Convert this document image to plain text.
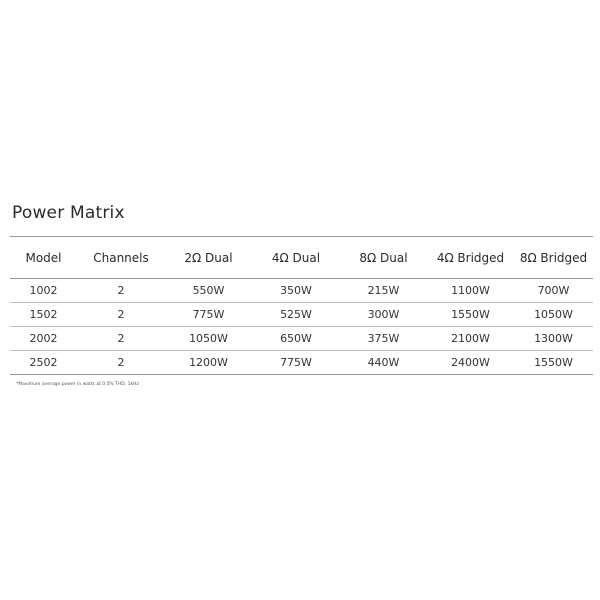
Power Matrix
Model	Channels	2Ω Dual	4Ω Dual	8Ω Dual	4Ω Bridged	8Ω Bridged
1002	2	550W	350W	215W	1100W	700W
1502	2	775W	525W	300W	1550W	1050W
2002	2	1050W	650W	375W	2100W	1300W
2502	2	1200W	775W	440W	2400W	1550W
*Maximum average power in watts at 0.5% THD, 1kHz
